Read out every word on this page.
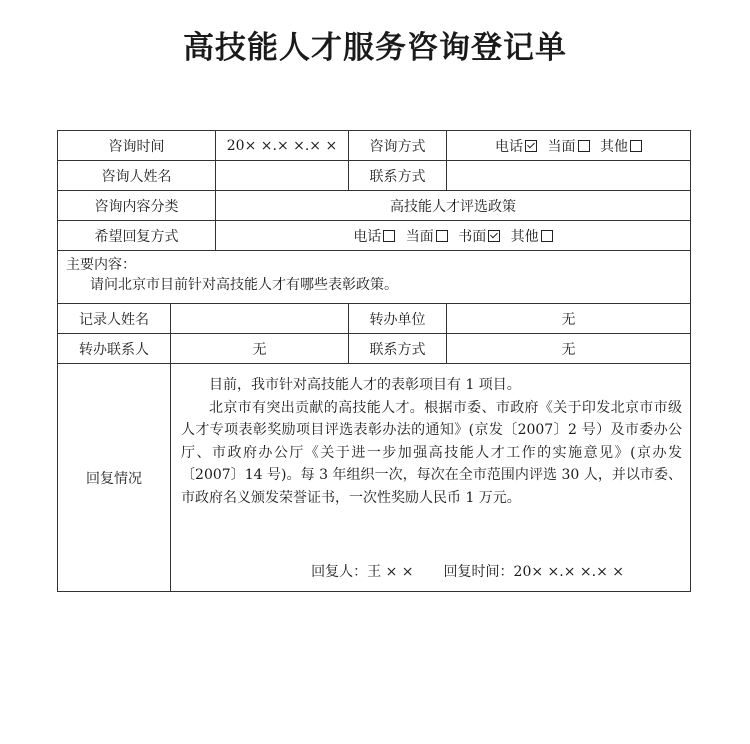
高技能人才服务咨询登记单
咨询时间		20× ×.× ×.× ×	咨询方式	电话 当面 其他
咨询人姓名			联系方式	
咨询内容分类		高技能人才评选政策		
希望回复方式		电话 当面 书面 其他		
主要内容：
请问北京市目前针对高技能人才有哪些表彰政策。				

记录人姓名			转办单位	无
转办联系人	无		联系方式	无
回复情况	目前，我市针对高技能人才的表彰项目有 1 项目。

北京市有突出贡献的高技能人才。根据市委、市政府《关于印发北京市市级人才专项表彰奖励项目评选表彰办法的通知》(京发〔2007〕2 号）及市委办公厅、市政府办公厅《关于进一步加强高技能人才工作的实施意见》(京办发〔2007〕14 号)。每 3 年组织一次，每次在全市范围内评选 30 人，并以市委、市政府名义颁发荣誉证书，一次性奖励人民币 1 万元。

回复人：王 × × 回复时间：20× ×.× ×.× ×			
